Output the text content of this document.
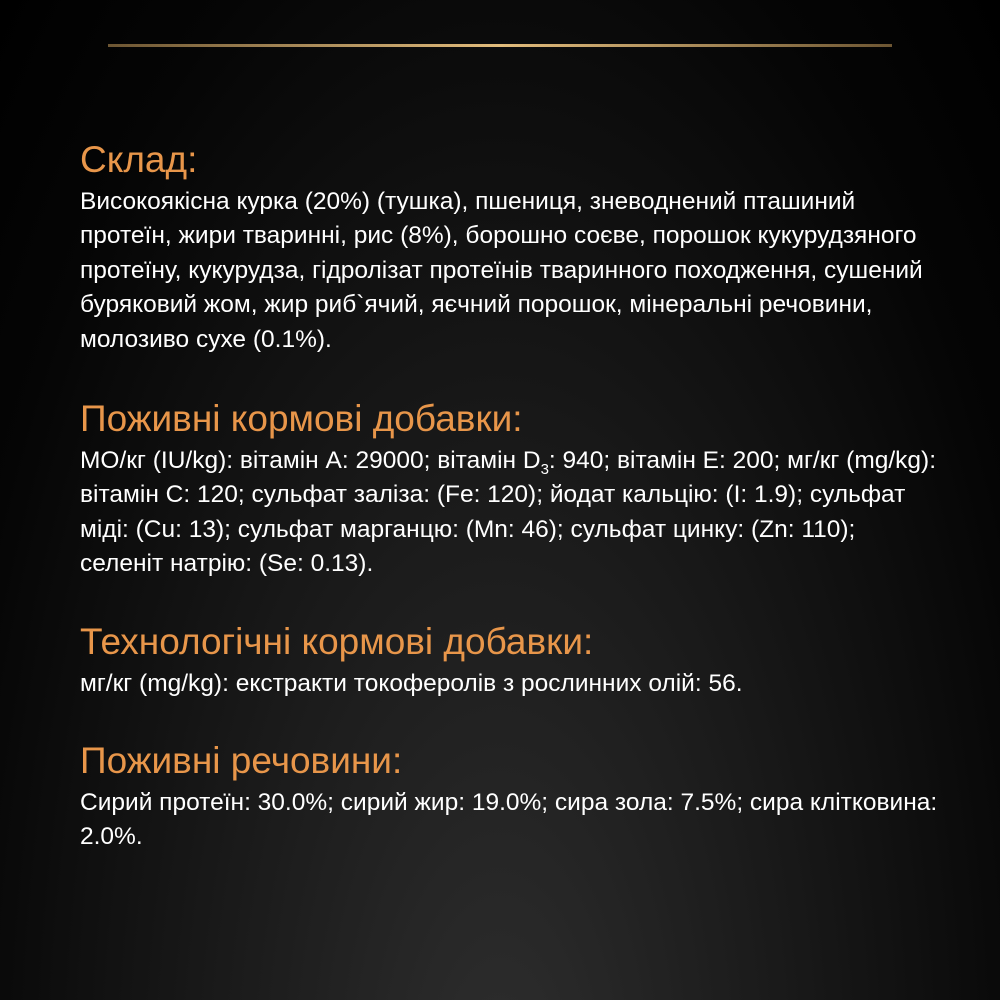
Склад:

Високоякісна курка (20%) (тушка), пшениця, зневоднений пташиний протеїн, жири тваринні, рис (8%), борошно соєве, порошок кукурудзяного протеїну, кукурудза, гідролізат протеїнів тваринного походження, сушений буряковий жом, жир риб`ячий, яєчний порошок, мінеральні речовини, молозиво сухе (0.1%).

Поживні кормові добавки:

МО/кг (IU/kg): вітамін A: 29000; вітамін $D_3$: 940; вітамін E: 200; мг/кг (mg/kg): вітамін C: 120; сульфат заліза: (Fe: 120); йодат кальцію: (I: 1.9); сульфат міді: (Cu: 13); сульфат марганцю: (Mn: 46); сульфат цинку: (Zn: 110); селеніт натрію: (Se: 0.13).

Технологічні кормові добавки:

мг/кг (mg/kg): екстракти токоферолів з рослинних олій: 56.

Поживні речовини:

Сирий протеїн: 30.0%; сирий жир: 19.0%; сира зола: 7.5%; сира клітковина: 2.0%.
